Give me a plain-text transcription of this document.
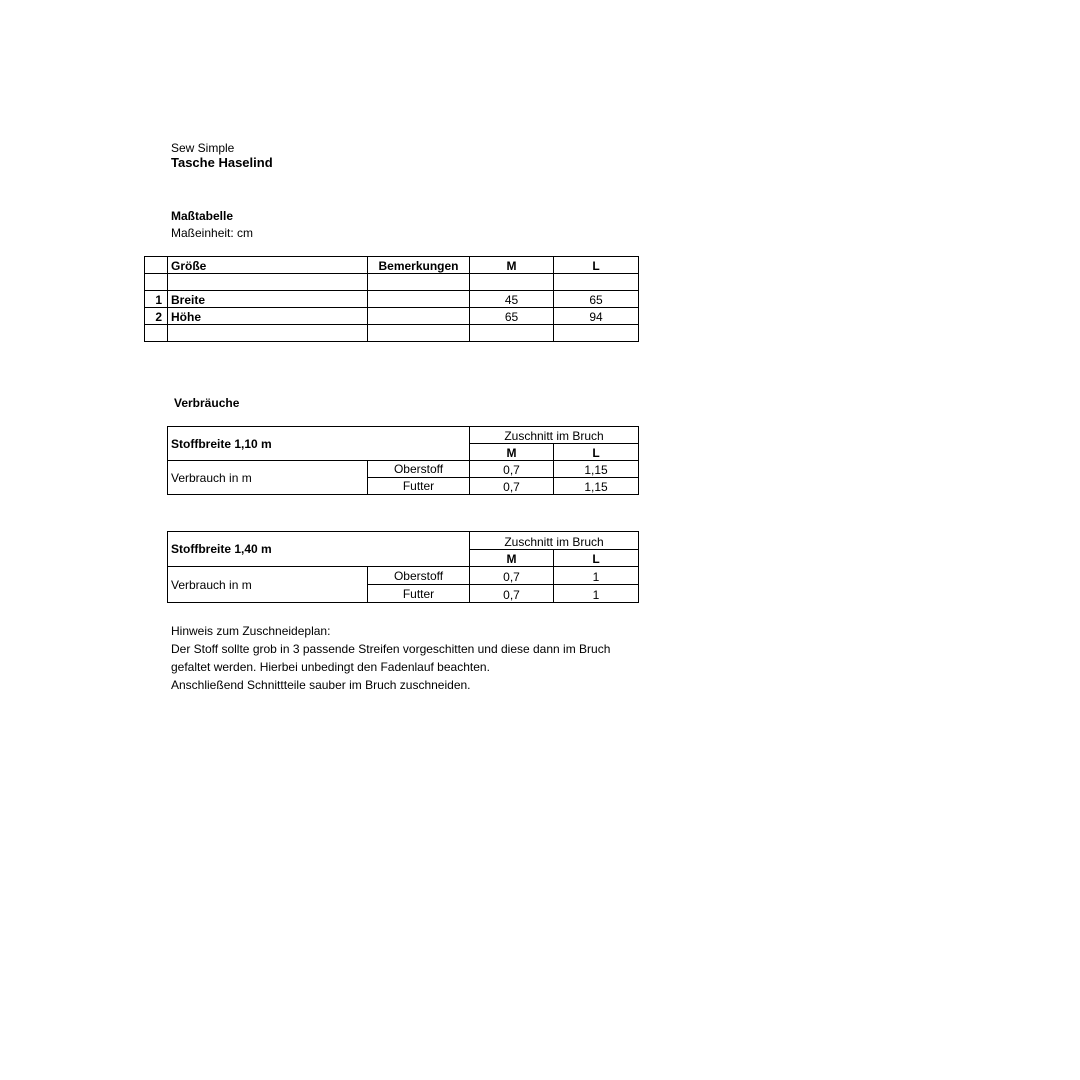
Sew Simple
Tasche Haselind
Maßtabelle
Maßeinheit: cm
	Größe	Bemerkungen	M	L

1	Breite		45	65
2	Höhe		65	94

Verbräuche
Stoffbreite 1,10 m		Zuschnitt im Bruch	
		M	L
Verbrauch in m	Oberstoff	0,7	1,15
	Futter	0,7	1,15
Stoffbreite 1,40 m		Zuschnitt im Bruch	
		M	L
Verbrauch in m	Oberstoff	0,7	1
	Futter	0,7	1
Hinweis zum Zuschneideplan:
Der Stoff sollte grob in 3 passende Streifen vorgeschitten und diese dann im Bruch
gefaltet werden. Hierbei unbedingt den Fadenlauf beachten.
Anschließend Schnittteile sauber im Bruch zuschneiden.
